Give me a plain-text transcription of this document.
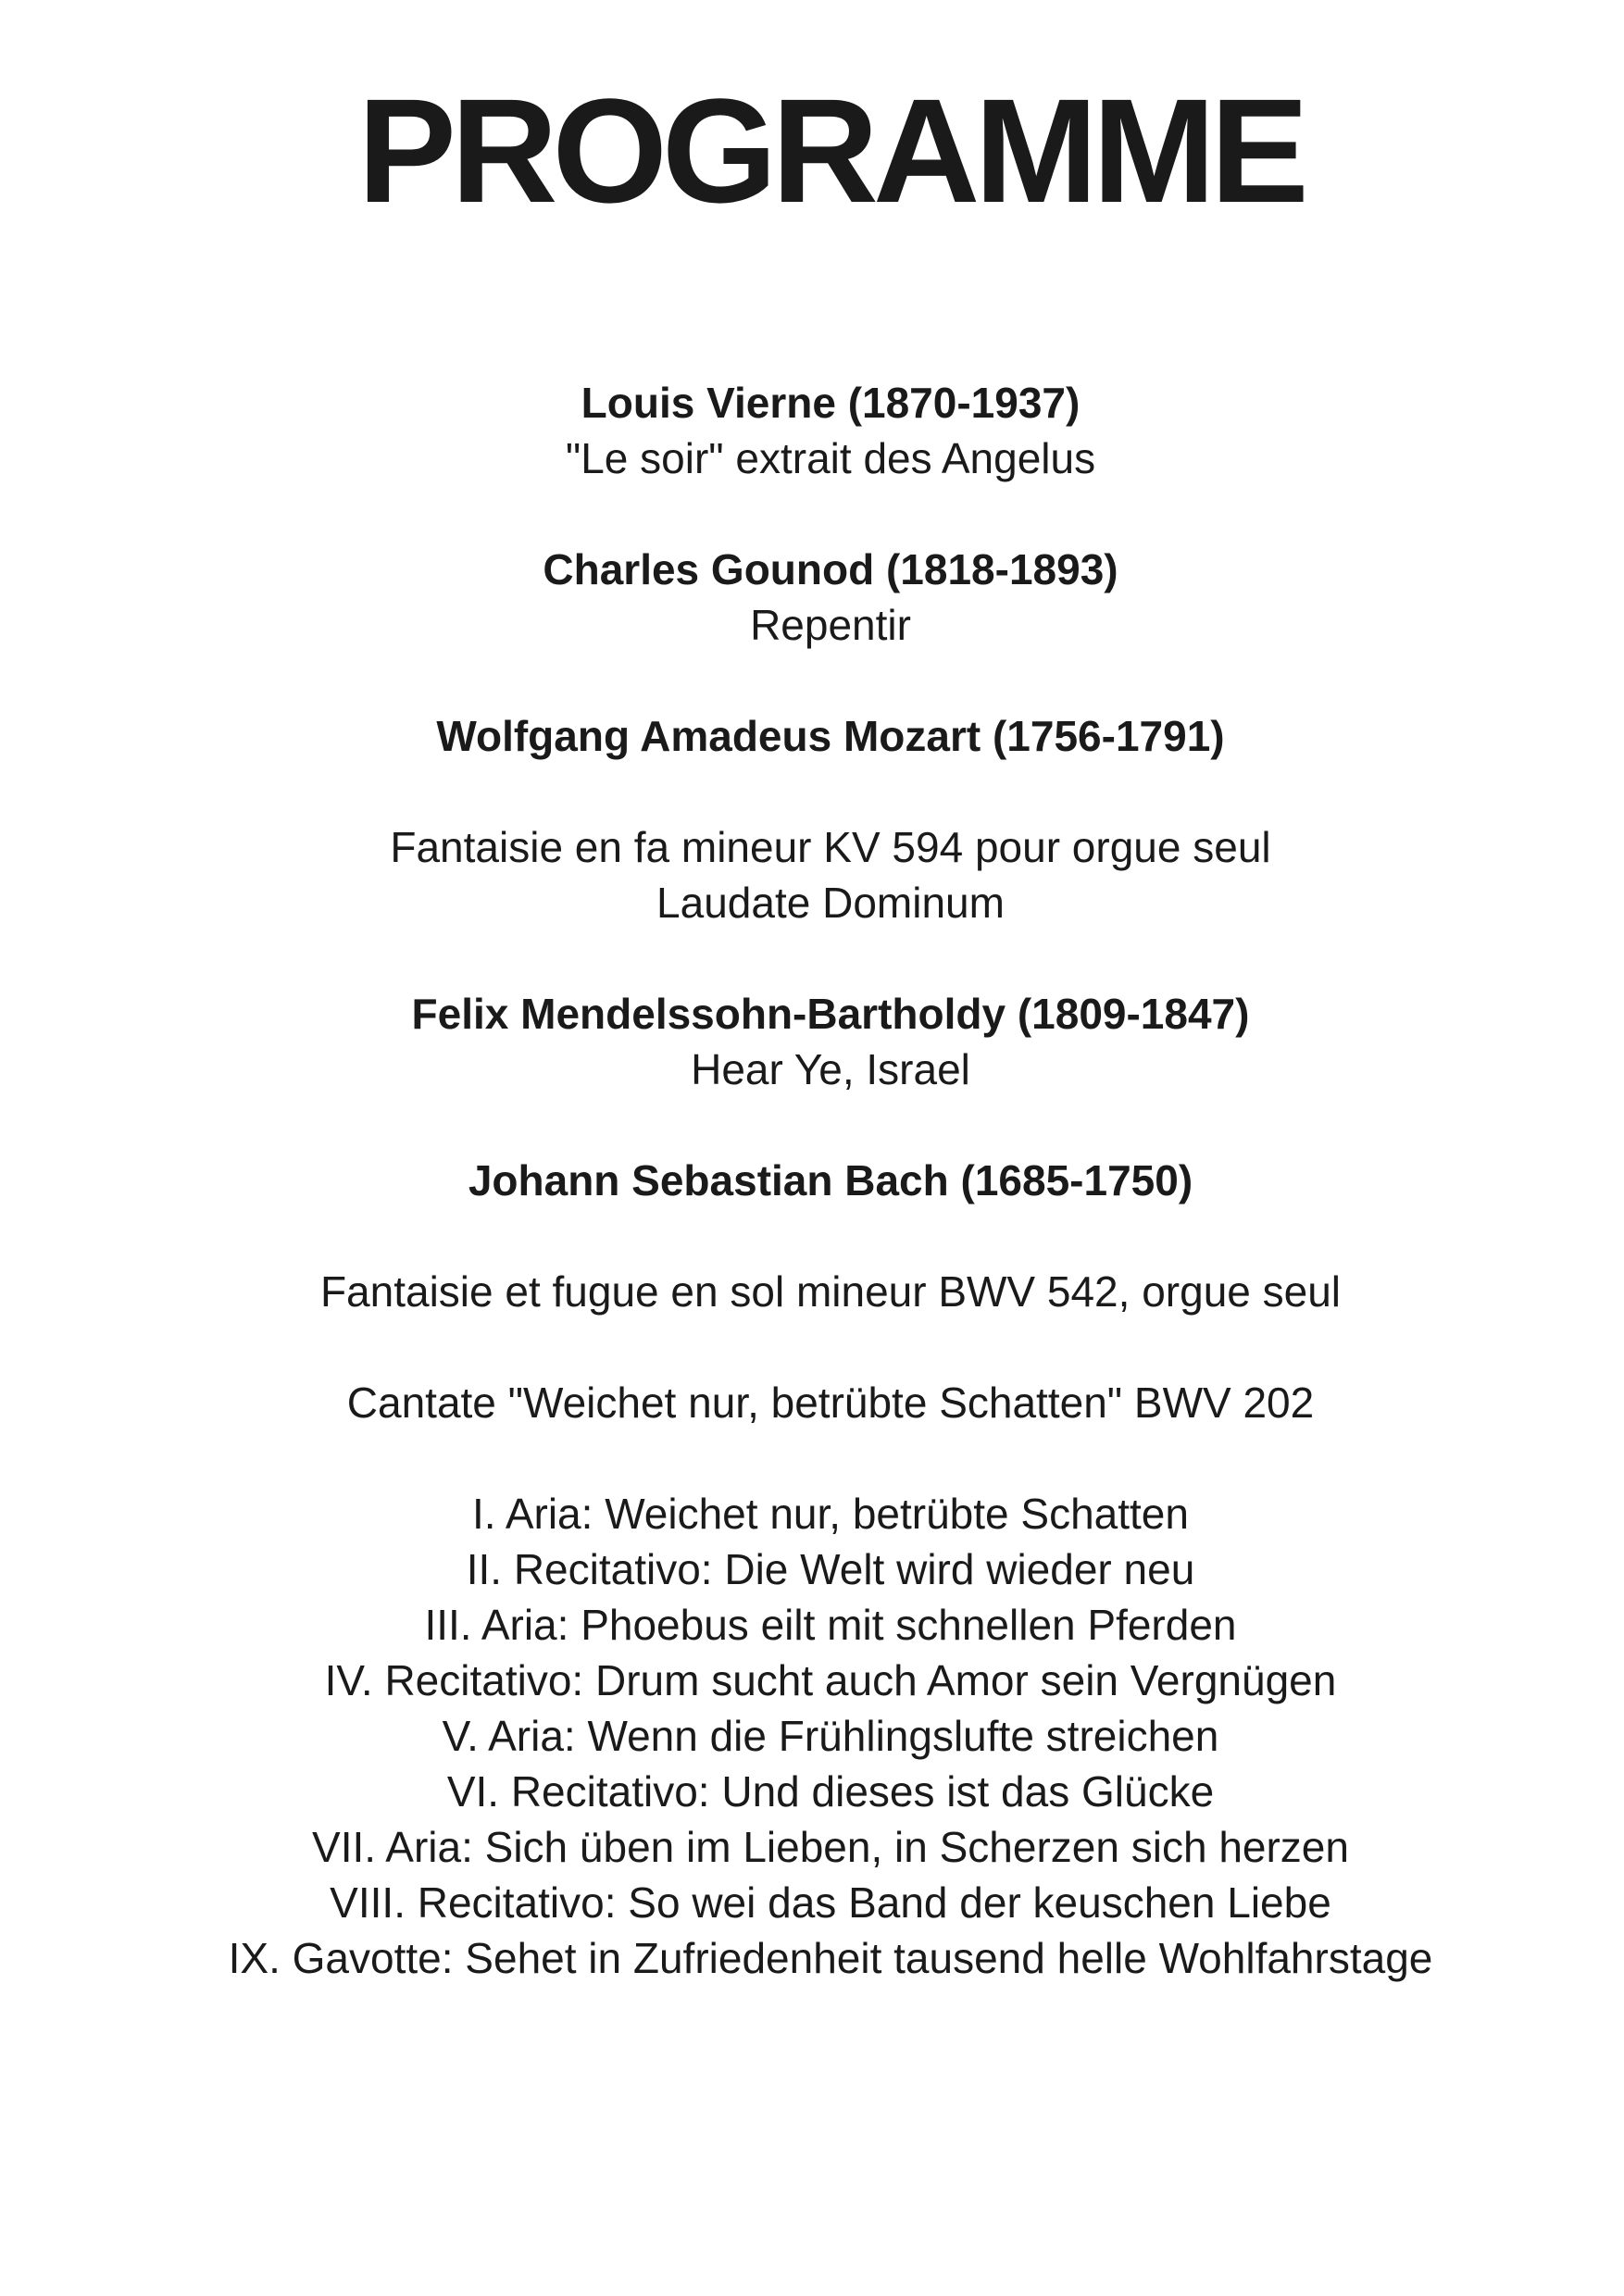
PROGRAMME
Louis Vierne (1870-1937)
"Le soir" extrait des Angelus
Charles Gounod (1818-1893)
Repentir
Wolfgang Amadeus Mozart (1756-1791)
Fantaisie en fa mineur KV 594 pour orgue seul
Laudate Dominum
Felix Mendelssohn-Bartholdy (1809-1847)
Hear Ye, Israel
Johann Sebastian Bach (1685-1750)
Fantaisie et fugue en sol mineur BWV 542, orgue seul
Cantate "Weichet nur, betrübte Schatten" BWV 202
I. Aria: Weichet nur, betrübte Schatten
II. Recitativo: Die Welt wird wieder neu
III. Aria: Phoebus eilt mit schnellen Pferden
IV. Recitativo: Drum sucht auch Amor sein Vergnügen
V. Aria: Wenn die Frühlingslufte streichen
VI. Recitativo: Und dieses ist das Glücke
VII. Aria: Sich üben im Lieben, in Scherzen sich herzen
VIII. Recitativo: So wei das Band der keuschen Liebe
IX. Gavotte: Sehet in Zufriedenheit tausend helle Wohlfahrstage
